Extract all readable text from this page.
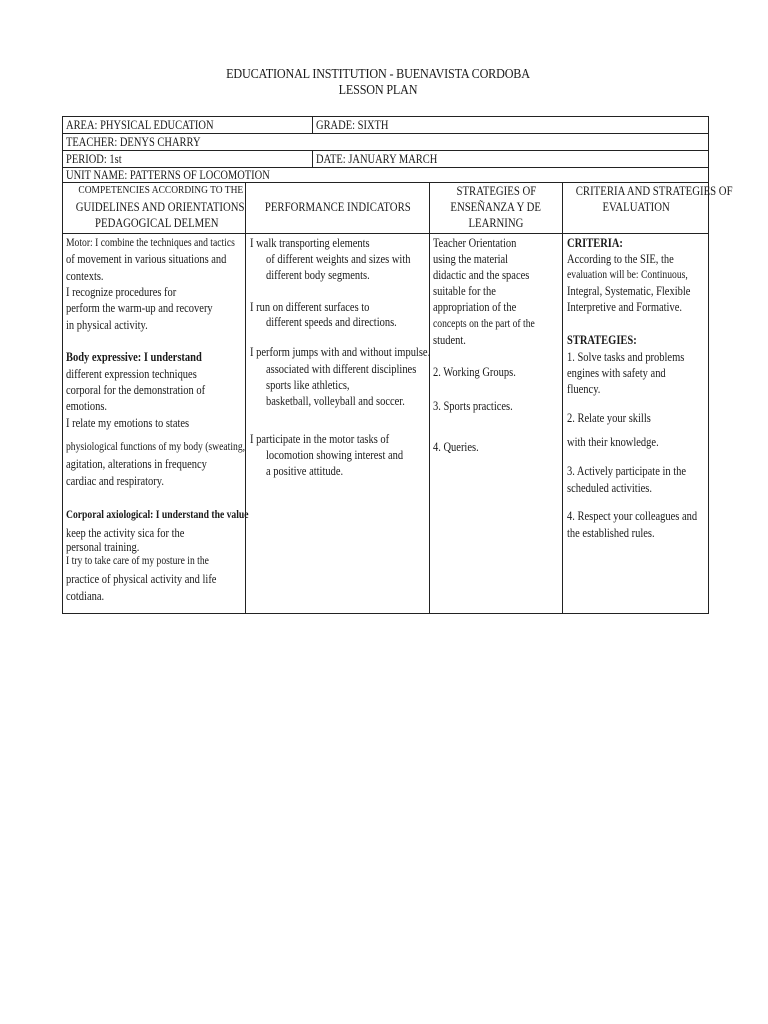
EDUCATIONAL INSTITUTION - BUENAVISTA CORDOBA
LESSON PLAN
AREA: PHYSICAL EDUCATION	GRADE: SIXTH
TEACHER: DENYS CHARRY
PERIOD: 1st	DATE: JANUARY MARCH
UNIT NAME: PATTERNS OF LOCOMOTION
COMPETENCIES ACCORDING TO THE
GUIDELINES AND ORIENTATIONS
PEDAGOGICAL DELMEN
PERFORMANCE INDICATORS
STRATEGIES OF
ENSEÑANZA Y DE
LEARNING
CRITERIA AND STRATEGIES OF
EVALUATION
Motor: I combine the techniques and tactics
of movement in various situations and
contexts.
I recognize procedures for
perform the warm-up and recovery
in physical activity.
Body expressive: I understand
different expression techniques
corporal for the demonstration of
emotions.
I relate my emotions to states
physiological functions of my body (sweating,
agitation, alterations in frequency
cardiac and respiratory.
Corporal axiological: I understand the value
keep the activity sica for the
personal training.
I try to take care of my posture in the
practice of physical activity and life
cotdiana.
I walk transporting elements
of different weights and sizes with
different body segments.
I run on different surfaces to
different speeds and directions.
I perform jumps with and without impulse.
associated with different disciplines
sports like athletics,
basketball, volleyball and soccer.
I participate in the motor tasks of
locomotion showing interest and
a positive attitude.
Teacher Orientation
using the material
didactic and the spaces
suitable for the
appropriation of the
concepts on the part of the
student.
2. Working Groups.
3. Sports practices.
4. Queries.
CRITERIA:
According to the SIE, the
evaluation will be: Continuous,
Integral, Systematic, Flexible
Interpretive and Formative.
STRATEGIES:
1. Solve tasks and problems
engines with safety and
fluency.
2. Relate your skills
with their knowledge.
3. Actively participate in the
scheduled activities.
4. Respect your colleagues and
the established rules.
